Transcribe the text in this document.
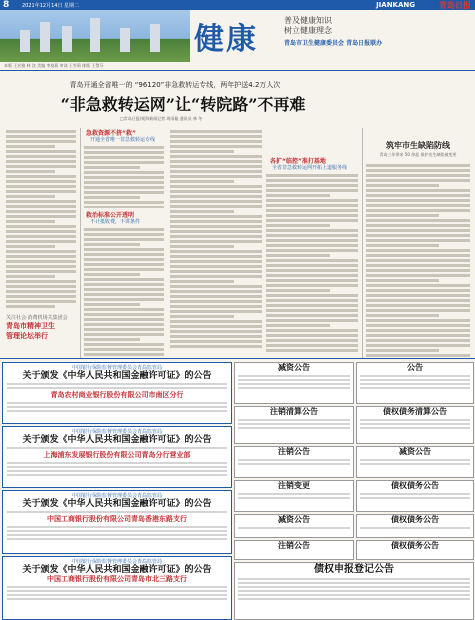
8	2021年12月14日 星期二	JIANKANG	青岛日报
健康
普及健康知识
树立健康理念
青岛市卫生健康委员会 青岛日报联办
本版 王宏雅 林 沈 美编 李莫莉 审读 王雪莉 排版 王警芬
青岛开通全省唯一的 “96120”非急救转运专线，两年护送4.2万人次
“非急救转运网”让“转院路”不再难
□青岛日报/观海新闻记者 周雨璇 通讯员 林 冬
急救资源不挤“救”
开通全省唯一非急救转运专线
救治标准公开透明
不计抵收费，不讲条件
各扩“临控”准打基地
全省非急救转运网开拓上道服务线
筑牢市生缺陷防线
青岛三年带来 50 余起 保护出生缺陷被变更
关注社会·消费机场关集团会
青岛市精神卫生
管理论坛举行
中国银行保险监督管理委员会青岛监管局
关于颁发《中华人民共和国金融许可证》的公告
青岛农村商业银行股份有限公司市南区分行
中国银行保险监督管理委员会青岛监管局
关于颁发《中华人民共和国金融许可证》的公告
上海浦东发展银行股份有限公司青岛分行营业部
中国银行保险监督管理委员会青岛监管局
关于颁发《中华人民共和国金融许可证》的公告
中国工商银行股份有限公司青岛香港东路支行
中国银行保险监督管理委员会青岛监管局
关于颁发《中华人民共和国金融许可证》的公告
中国工商银行股份有限公司青岛市北三路支行
减资公告	公告
注销清算公告	债权债务清算公告
注销公告	减资公告
注销变更	债权债务公告
减资公告	债权债务公告
注销公告	债权债务公告
债权申报登记公告
